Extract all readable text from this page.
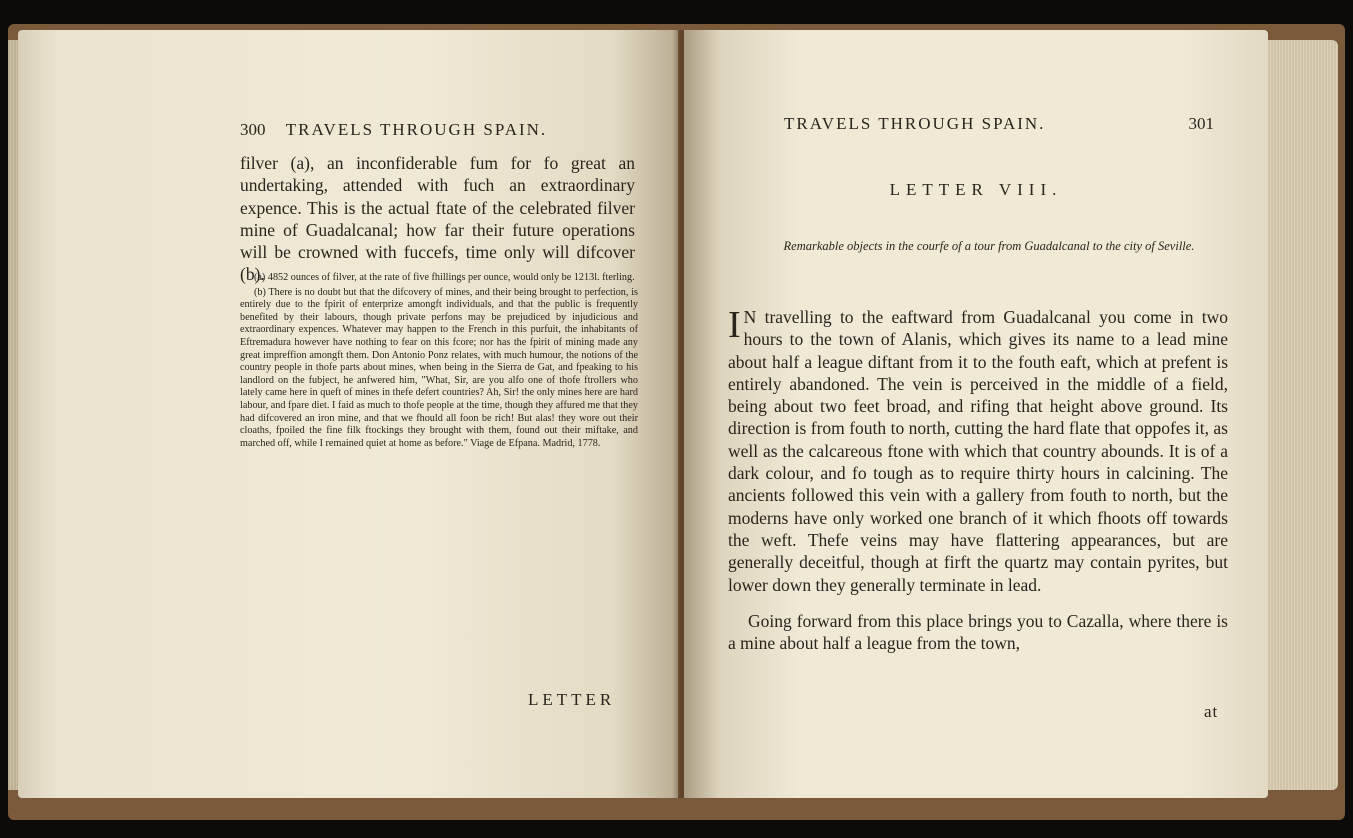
300 TRAVELS THROUGH SPAIN.

filver (a), an inconfiderable fum for fo great an undertaking, attended with fuch an extraordinary expence. This is the actual ftate of the celebrated filver mine of Guadalcanal; how far their future operations will be crowned with fuccefs, time only will difcover (b).

(a) 4852 ounces of filver, at the rate of five fhillings per ounce, would only be 1213l. fterling.

(b) There is no doubt but that the difcovery of mines, and their being brought to perfection, is entirely due to the fpirit of enterprize amongft individuals, and that the public is frequently benefited by their labours, though private perfons may be prejudiced by injudicious and extraordinary expences. Whatever may happen to the French in this purfuit, the inhabitants of Eftremadura however have nothing to fear on this fcore; nor has the fpirit of mining made any great impreffion amongft them. Don Antonio Ponz relates, with much humour, the notions of the country people in thofe parts about mines, when being in the Sierra de Gat, and fpeaking to his landlord on the fubject, he anfwered him, "What, Sir, are you alfo one of thofe ftrollers who lately came here in queft of mines in thefe defert countries? Ah, Sir! the only mines here are hard labour, and fpare diet. I faid as much to thofe people at the time, though they affured me that they had difcovered an iron mine, and that we fhould all foon be rich! But alas! they wore out their cloaths, fpoiled the fine filk ftockings they brought with them, found out their miftake, and marched off, while I remained quiet at home as before." Viage de Efpana. Madrid, 1778.

LETTER
TRAVELS THROUGH SPAIN.	301
LETTER VIII.
Remarkable objects in the courfe of a tour from Guadalcanal to the city of Seville.

I N travelling to the eaftward from Guadalcanal you come in two hours to the town of Alanis, which gives its name to a lead mine about half a league diftant from it to the fouth eaft, which at prefent is entirely abandoned. The vein is perceived in the middle of a field, being about two feet broad, and rifing that height above ground. Its direction is from fouth to north, cutting the hard flate that oppofes it, as well as the calcareous ftone with which that country abounds. It is of a dark colour, and fo tough as to require thirty hours in calcining. The ancients followed this vein with a gallery from fouth to north, but the moderns have only worked one branch of it which fhoots off towards the weft. Thefe veins may have flattering appearances, but are generally deceitful, though at firft the quartz may contain pyrites, but lower down they generally terminate in lead.

Going forward from this place brings you to Cazalla, where there is a mine about half a league from the town,

at
